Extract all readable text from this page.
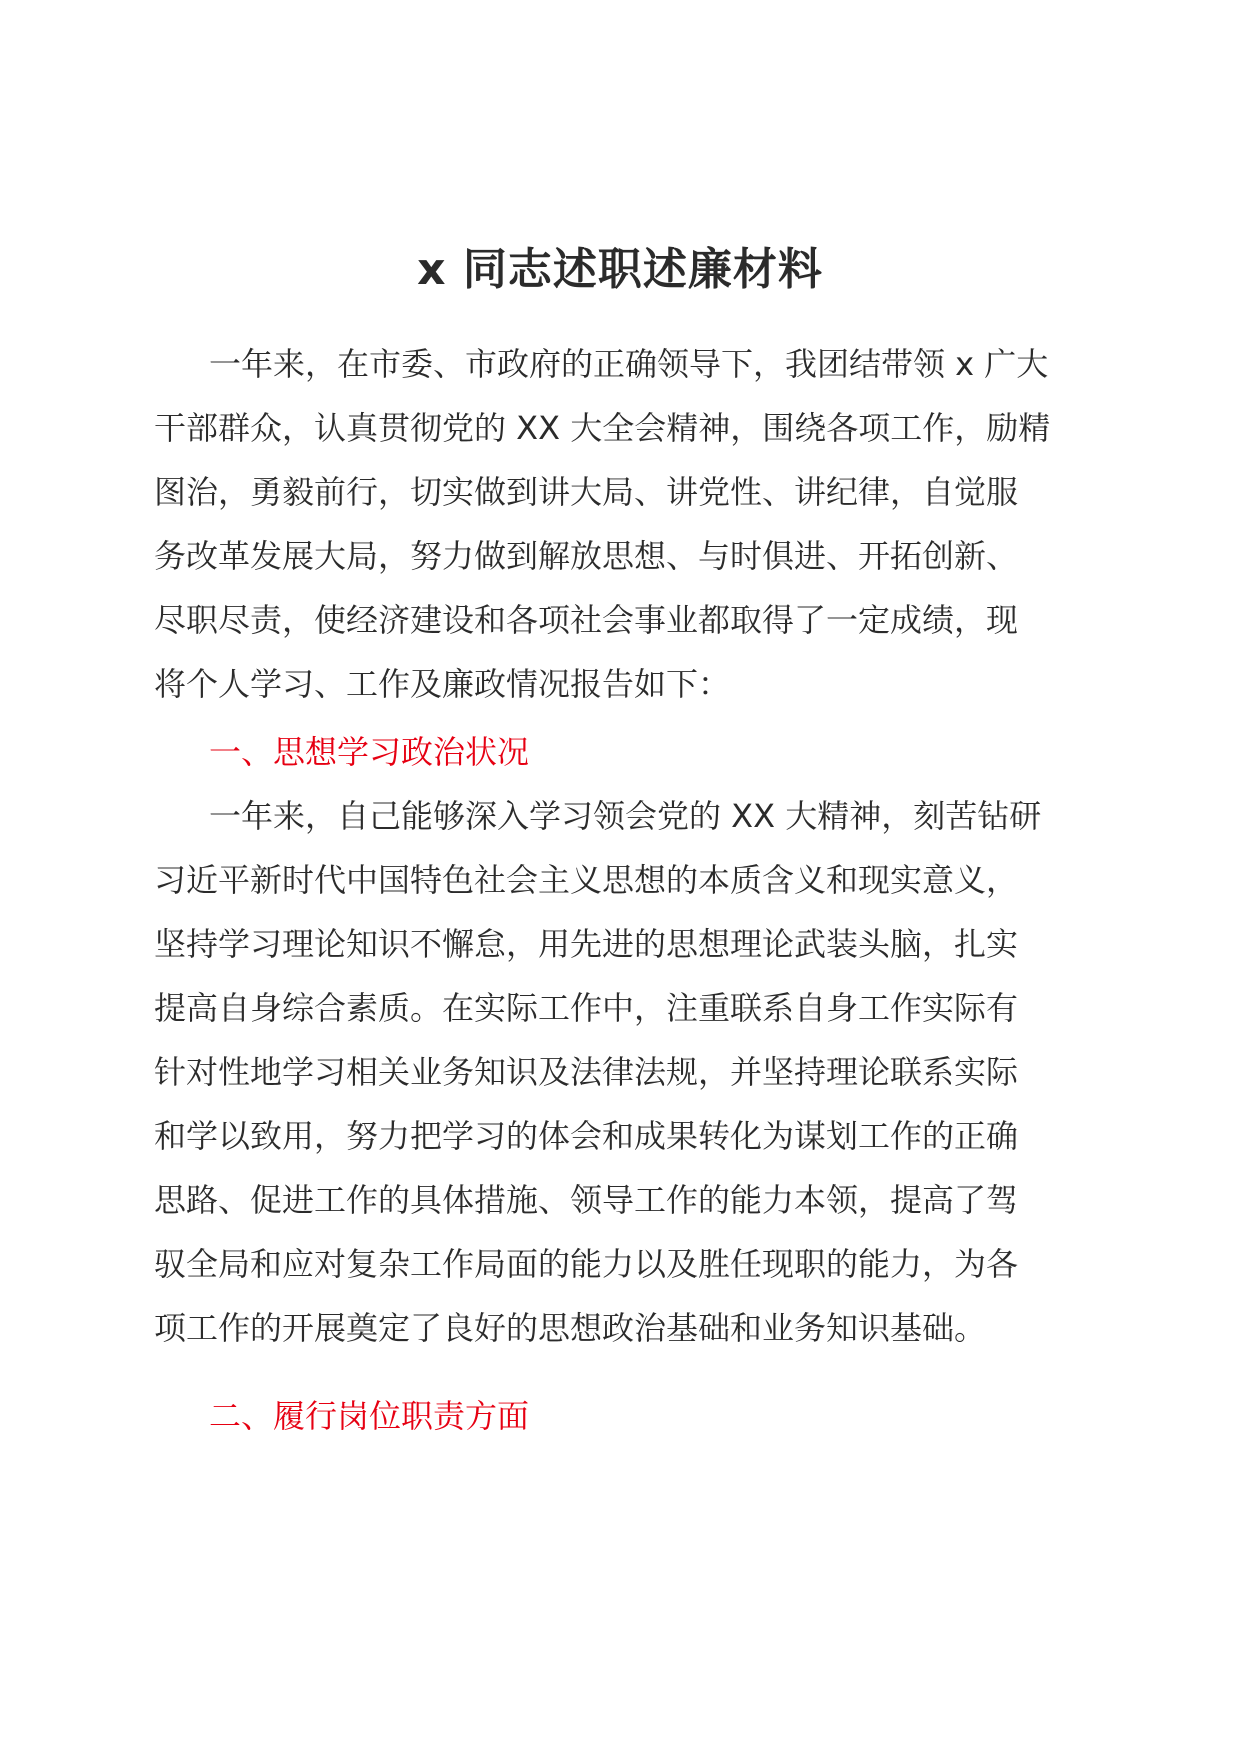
x 同志述职述廉材料
一年来，在市委、市政府的正确领导下，我团结带领 x 广大
干部群众，认真贯彻党的 XX 大全会精神，围绕各项工作，励精
图治，勇毅前行，切实做到讲大局、讲党性、讲纪律，自觉服
务改革发展大局，努力做到解放思想、与时俱进、开拓创新、
尽职尽责，使经济建设和各项社会事业都取得了一定成绩，现
将个人学习、工作及廉政情况报告如下：
一、思想学习政治状况
一年来，自己能够深入学习领会党的 XX 大精神，刻苦钻研
习近平新时代中国特色社会主义思想的本质含义和现实意义，
坚持学习理论知识不懈怠，用先进的思想理论武装头脑，扎实
提高自身综合素质。在实际工作中，注重联系自身工作实际有
针对性地学习相关业务知识及法律法规，并坚持理论联系实际
和学以致用，努力把学习的体会和成果转化为谋划工作的正确
思路、促进工作的具体措施、领导工作的能力本领，提高了驾
驭全局和应对复杂工作局面的能力以及胜任现职的能力，为各
项工作的开展奠定了良好的思想政治基础和业务知识基础。
二、履行岗位职责方面
